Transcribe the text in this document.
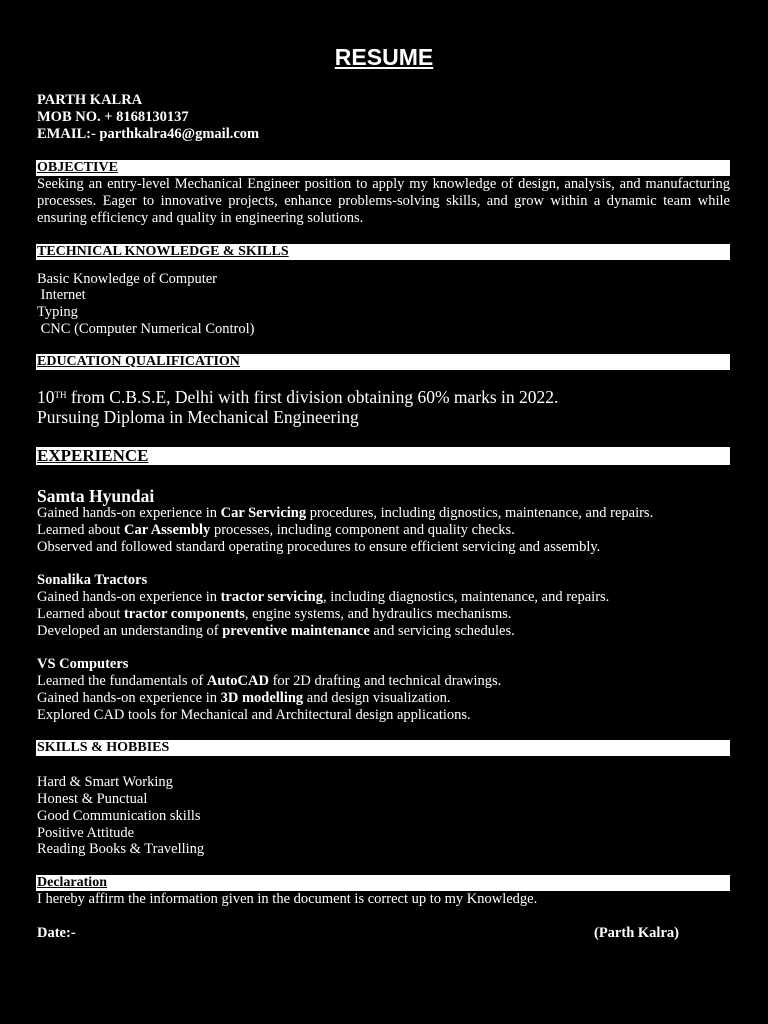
RESUME
PARTH KALRA
MOB NO. + 8168130137
EMAIL:- parthkalra46@gmail.com
OBJECTIVE
Seeking an entry-level Mechanical Engineer position to apply my knowledge of design, analysis, and manufacturing processes. Eager to innovative projects, enhance problems-solving skills, and grow within a dynamic team while ensuring efficiency and quality in engineering solutions.
TECHNICAL KNOWLEDGE & SKILLS
Basic Knowledge of Computer
Internet
Typing
CNC (Computer Numerical Control)
EDUCATION QUALIFICATION
10TH from C.B.S.E, Delhi with first division obtaining 60% marks in 2022.
Pursuing Diploma in Mechanical Engineering
EXPERIENCE
Samta Hyundai
Gained hands-on experience in Car Servicing procedures, including dignostics, maintenance, and repairs.
Learned about Car Assembly processes, including component and quality checks.
Observed and followed standard operating procedures to ensure efficient servicing and assembly.
Sonalika Tractors
Gained hands-on experience in tractor servicing, including diagnostics, maintenance, and repairs.
Learned about tractor components, engine systems, and hydraulics mechanisms.
Developed an understanding of preventive maintenance and servicing schedules.
VS Computers
Learned the fundamentals of AutoCAD for 2D drafting and technical drawings.
Gained hands-on experience in 3D modelling and design visualization.
Explored CAD tools for Mechanical and Architectural design applications.
SKILLS & HOBBIES
Hard & Smart Working
Honest & Punctual
Good Communication skills
Positive Attitude
Reading Books & Travelling
Declaration
I hereby affirm the information given in the document is correct up to my Knowledge.
Date:-	(Parth Kalra)
